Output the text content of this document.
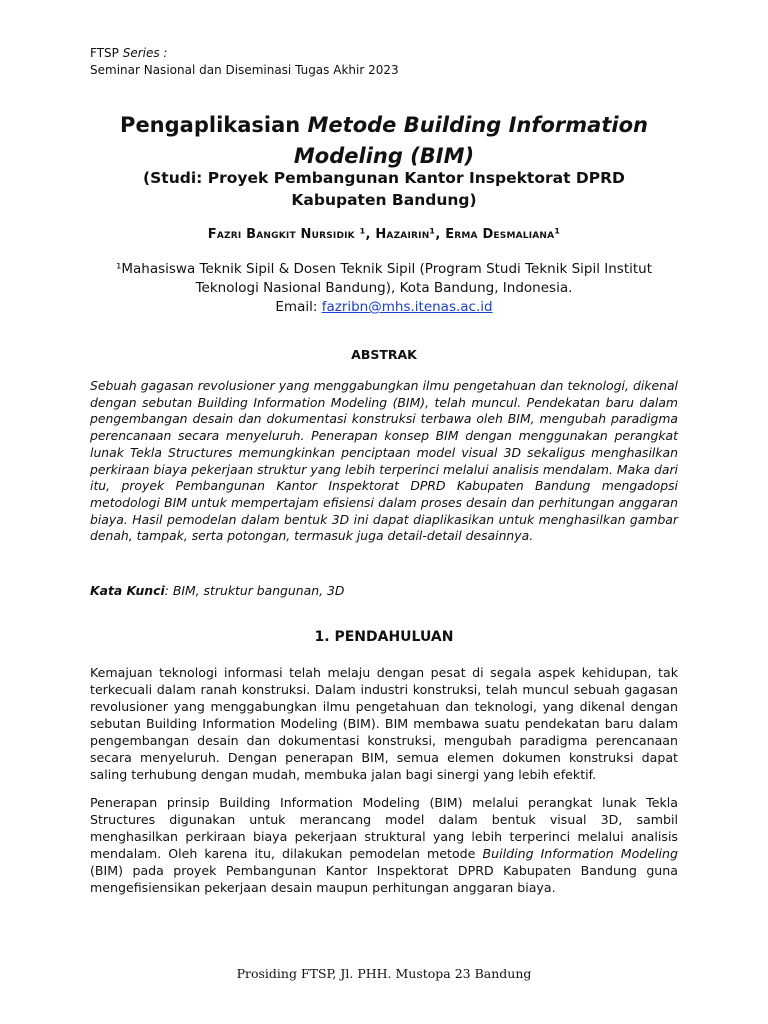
FTSP Series :
Seminar Nasional dan Diseminasi Tugas Akhir 2023
Pengaplikasian Metode Building Information Modeling (BIM)
(Studi: Proyek Pembangunan Kantor Inspektorat DPRD Kabupaten Bandung)
Fazri Bangkit Nursidik ¹, Hazairin¹, Erma Desmaliana¹
¹Mahasiswa Teknik Sipil & Dosen Teknik Sipil (Program Studi Teknik Sipil Institut Teknologi Nasional Bandung), Kota Bandung, Indonesia.
Email: fazribn@mhs.itenas.ac.id
ABSTRAK
Sebuah gagasan revolusioner yang menggabungkan ilmu pengetahuan dan teknologi, dikenal dengan sebutan Building Information Modeling (BIM), telah muncul. Pendekatan baru dalam pengembangan desain dan dokumentasi konstruksi terbawa oleh BIM, mengubah paradigma perencanaan secara menyeluruh. Penerapan konsep BIM dengan menggunakan perangkat lunak Tekla Structures memungkinkan penciptaan model visual 3D sekaligus menghasilkan perkiraan biaya pekerjaan struktur yang lebih terperinci melalui analisis mendalam. Maka dari itu, proyek Pembangunan Kantor Inspektorat DPRD Kabupaten Bandung mengadopsi metodologi BIM untuk mempertajam efisiensi dalam proses desain dan perhitungan anggaran biaya. Hasil pemodelan dalam bentuk 3D ini dapat diaplikasikan untuk menghasilkan gambar denah, tampak, serta potongan, termasuk juga detail-detail desainnya.
Kata Kunci: BIM, struktur bangunan, 3D
1. PENDAHULUAN
Kemajuan teknologi informasi telah melaju dengan pesat di segala aspek kehidupan, tak terkecuali dalam ranah konstruksi. Dalam industri konstruksi, telah muncul sebuah gagasan revolusioner yang menggabungkan ilmu pengetahuan dan teknologi, yang dikenal dengan sebutan Building Information Modeling (BIM). BIM membawa suatu pendekatan baru dalam pengembangan desain dan dokumentasi konstruksi, mengubah paradigma perencanaan secara menyeluruh. Dengan penerapan BIM, semua elemen dokumen konstruksi dapat saling terhubung dengan mudah, membuka jalan bagi sinergi yang lebih efektif.
Penerapan prinsip Building Information Modeling (BIM) melalui perangkat lunak Tekla Structures digunakan untuk merancang model dalam bentuk visual 3D, sambil menghasilkan perkiraan biaya pekerjaan struktural yang lebih terperinci melalui analisis mendalam. Oleh karena itu, dilakukan pemodelan metode Building Information Modeling (BIM) pada proyek Pembangunan Kantor Inspektorat DPRD Kabupaten Bandung guna mengefisiensikan pekerjaan desain maupun perhitungan anggaran biaya.
Prosiding FTSP, Jl. PHH. Mustopa 23 Bandung
